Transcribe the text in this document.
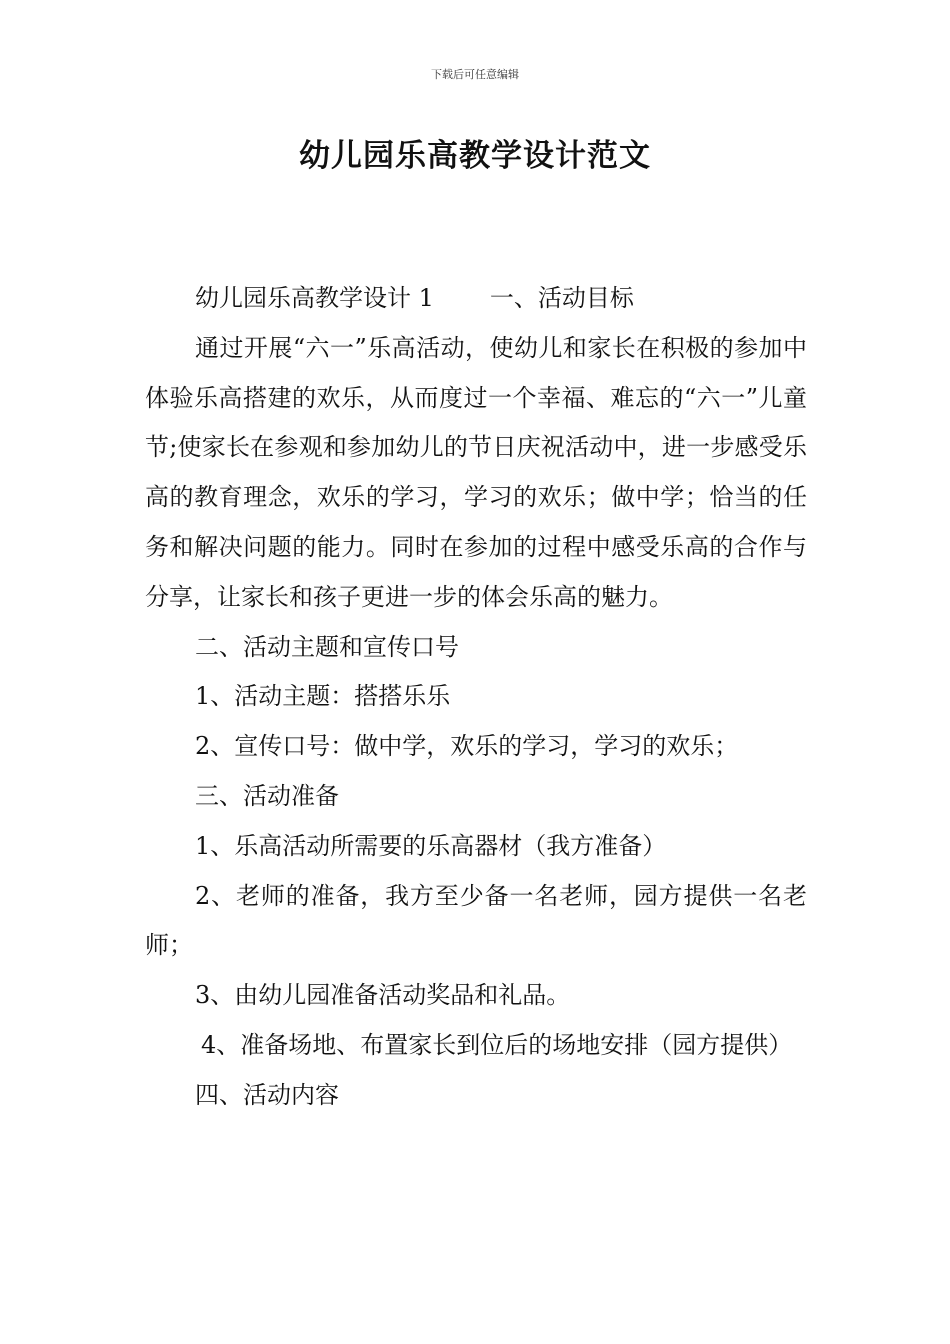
下载后可任意编辑
幼儿园乐高教学设计范文

幼儿园乐高教学设计 1 一、活动目标

通过开展“六一”乐高活动，使幼儿和家长在积极的参加中体验乐高搭建的欢乐，从而度过一个幸福、难忘的“六一”儿童节;使家长在参观和参加幼儿的节日庆祝活动中，进一步感受乐高的教育理念，欢乐的学习，学习的欢乐；做中学；恰当的任务和解决问题的能力。同时在参加的过程中感受乐高的合作与分享，让家长和孩子更进一步的体会乐高的魅力。

二、活动主题和宣传口号

1、活动主题：搭搭乐乐

2、宣传口号：做中学，欢乐的学习，学习的欢乐；

三、活动准备

1、乐高活动所需要的乐高器材（我方准备）

2、老师的准备，我方至少备一名老师，园方提供一名老师；

3、由幼儿园准备活动奖品和礼品。

4、准备场地、布置家长到位后的场地安排（园方提供）

四、活动内容
